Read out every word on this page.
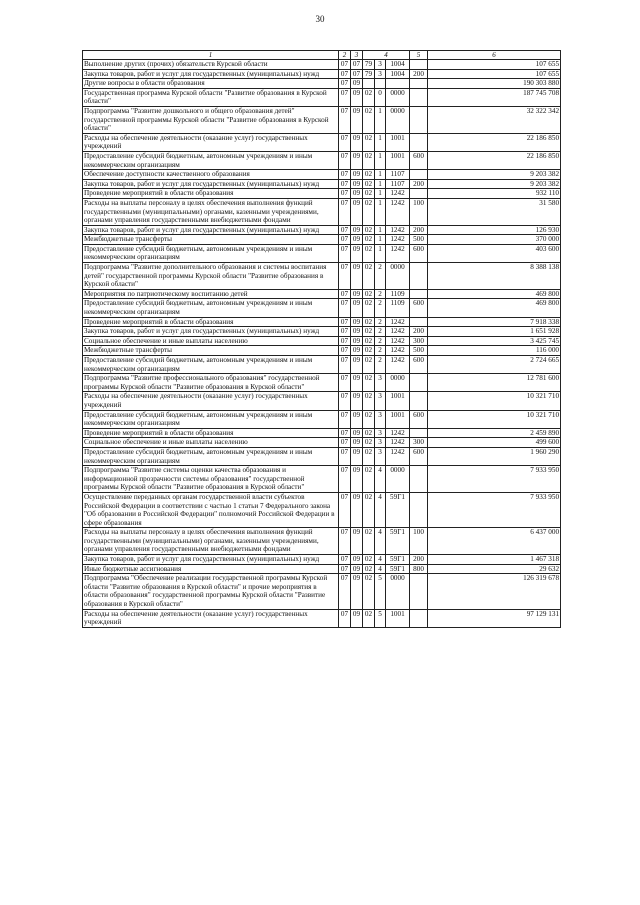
30
1	2	3	4			5	6
Выполнение других (прочих) обязательств Курской области	07	07	79	3	1004		107 655
Закупка товаров, работ и услуг для государственных (муниципальных) нужд	07	07	79	3	1004	200	107 655
Другие вопросы в области образования	07	09					190 303 880
Государственная программа Курской области "Развитие образования в Курской области"	07	09	02	0	0000		187 745 708
Подпрограмма "Развитие дошкольного и общего образования детей" государственной программы Курской области "Развитие образования в Курской области"	07	09	02	1	0000		32 322 342
Расходы на обеспечение деятельности (оказание услуг) государственных учреждений	07	09	02	1	1001		22 186 850
Предоставление субсидий бюджетным, автономным учреждениям и иным некоммерческим организациям	07	09	02	1	1001	600	22 186 850
Обеспечение доступности качественного образования	07	09	02	1	1107		9 203 382
Закупка товаров, работ и услуг для государственных (муниципальных) нужд	07	09	02	1	1107	200	9 203 382
Проведение мероприятий в области образования	07	09	02	1	1242		932 110
Расходы на выплаты персоналу в целях обеспечения выполнения функций государственными (муниципальными) органами, казенными учреждениями, органами управления государственными внебюджетными фондами	07	09	02	1	1242	100	31 580
Закупка товаров, работ и услуг для государственных (муниципальных) нужд	07	09	02	1	1242	200	126 930
Межбюджетные трансферты	07	09	02	1	1242	500	370 000
Предоставление субсидий бюджетным, автономным учреждениям и иным некоммерческим организациям	07	09	02	1	1242	600	403 600
Подпрограмма "Развитие дополнительного образования и системы воспитания детей" государственной программы Курской области "Развитие образования в Курской области"	07	09	02	2	0000		8 388 138
Мероприятия по патриотическому воспитанию детей	07	09	02	2	1109		469 800
Предоставление субсидий бюджетным, автономным учреждениям и иным некоммерческим организациям	07	09	02	2	1109	600	469 800
Проведение мероприятий в области образования	07	09	02	2	1242		7 918 338
Закупка товаров, работ и услуг для государственных (муниципальных) нужд	07	09	02	2	1242	200	1 651 928
Социальное обеспечение и иные выплаты населению	07	09	02	2	1242	300	3 425 745
Межбюджетные трансферты	07	09	02	2	1242	500	116 000
Предоставление субсидий бюджетным, автономным учреждениям и иным некоммерческим организациям	07	09	02	2	1242	600	2 724 665
Подпрограмма "Развитие профессионального образования" государственной программы Курской области "Развитие образования в Курской области"	07	09	02	3	0000		12 781 600
Расходы на обеспечение деятельности (оказание услуг) государственных учреждений	07	09	02	3	1001		10 321 710
Предоставление субсидий бюджетным, автономным учреждениям и иным некоммерческим организациям	07	09	02	3	1001	600	10 321 710
Проведение мероприятий в области образования	07	09	02	3	1242		2 459 890
Социальное обеспечение и иные выплаты населению	07	09	02	3	1242	300	499 600
Предоставление субсидий бюджетным, автономным учреждениям и иным некоммерческим организациям	07	09	02	3	1242	600	1 960 290
Подпрограмма "Развитие системы оценки качества образования и информационной прозрачности системы образования" государственной программы Курской области "Развитие образования в Курской области"	07	09	02	4	0000		7 933 950
Осуществление переданных органам государственной власти субъектов Российской Федерации в соответствии с частью 1 статьи 7 Федерального закона "Об образовании в Российской Федерации" полномочий Российской Федерации в сфере образования	07	09	02	4	59Г1		7 933 950
Расходы на выплаты персоналу в целях обеспечения выполнения функций государственными (муниципальными) органами, казенными учреждениями, органами управления государственными внебюджетными фондами	07	09	02	4	59Г1	100	6 437 000
Закупка товаров, работ и услуг для государственных (муниципальных) нужд	07	09	02	4	59Г1	200	1 467 318
Иные бюджетные ассигнования	07	09	02	4	59Г1	800	29 632
Подпрограмма "Обеспечение реализации государственной программы Курской области "Развитие образования в Курской области" и прочие мероприятия в области образования" государственной программы Курской области "Развитие образования в Курской области"	07	09	02	5	0000		126 319 678
Расходы на обеспечение деятельности (оказание услуг) государственных учреждений	07	09	02	5	1001		97 129 131
